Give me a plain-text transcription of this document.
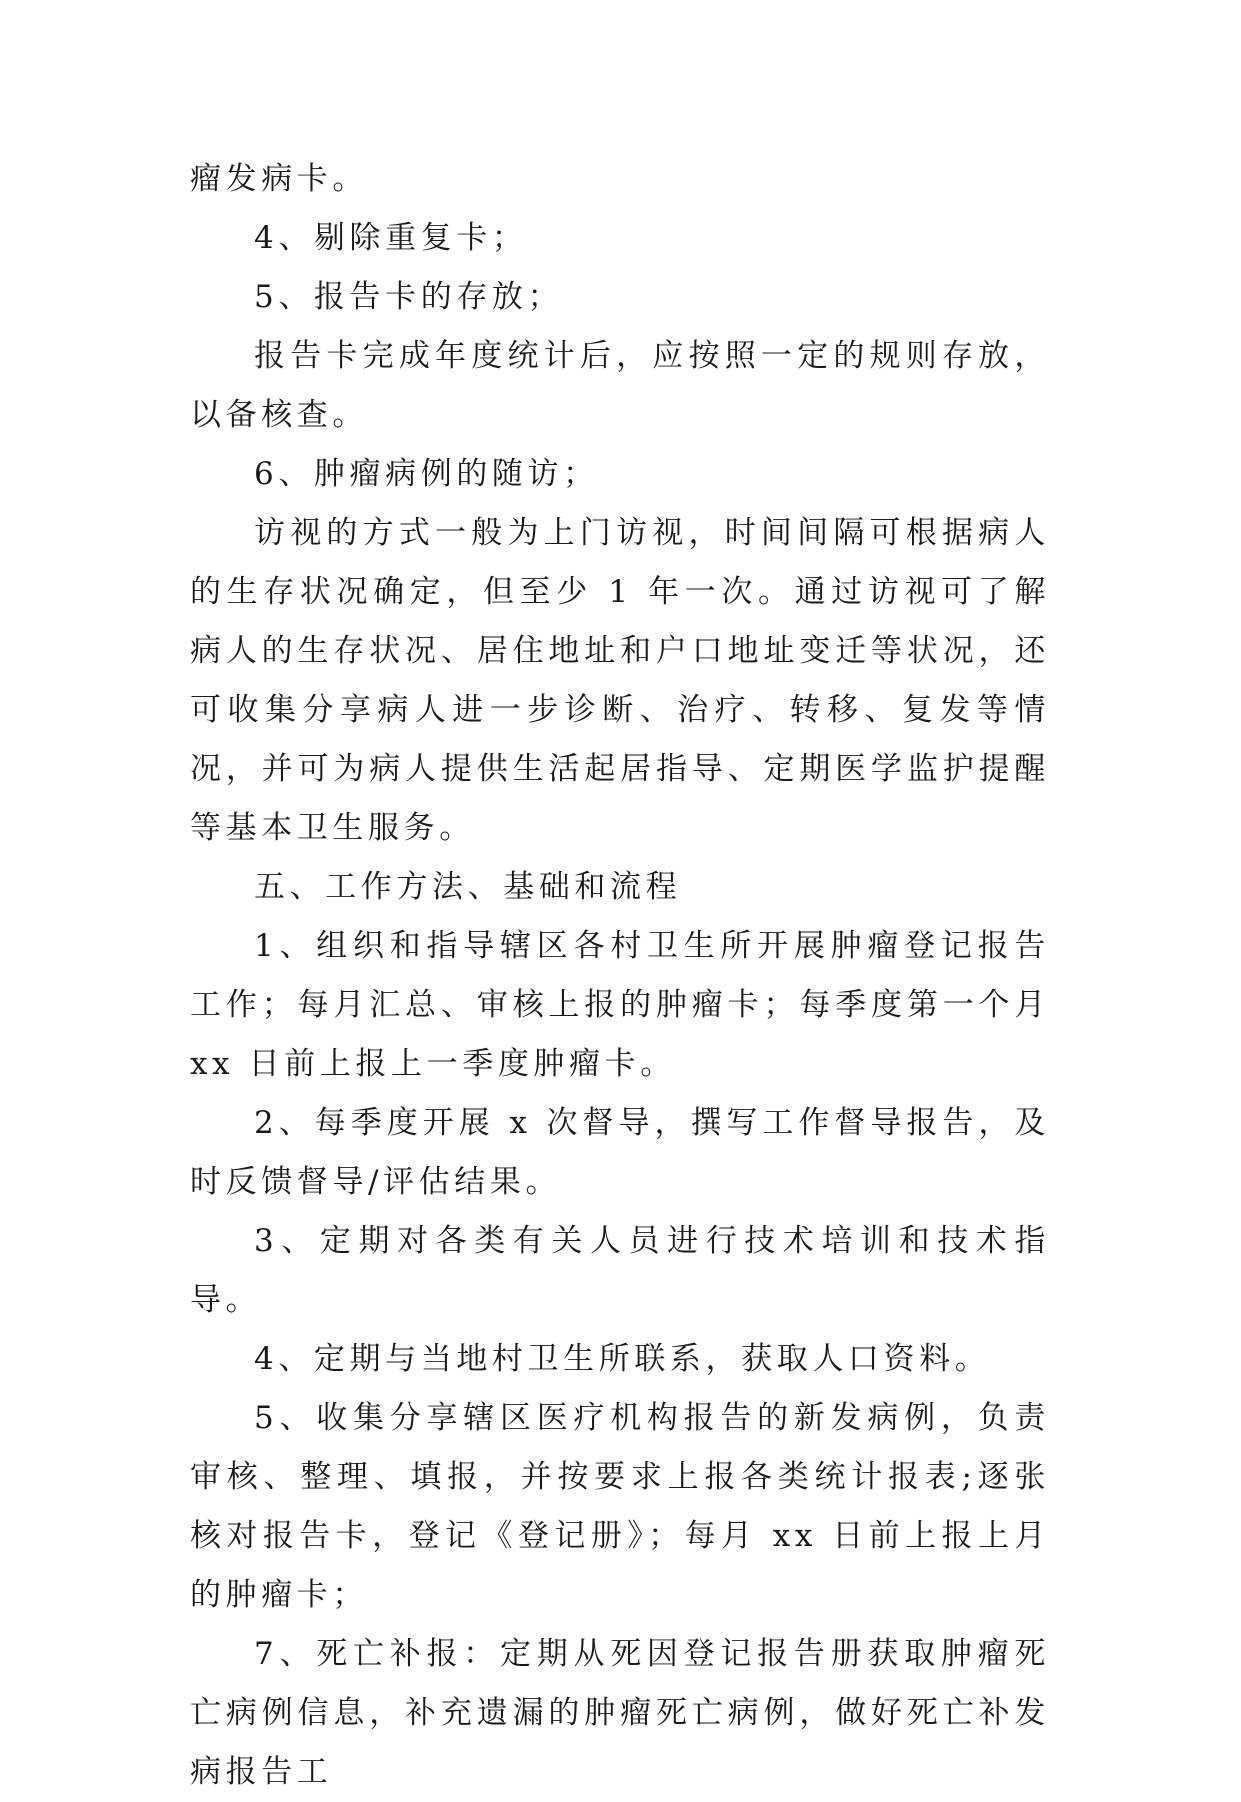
瘤发病卡。

4、剔除重复卡；

5、报告卡的存放；

报告卡完成年度统计后，应按照一定的规则存放，以备核查。

6、肿瘤病例的随访；

访视的方式一般为上门访视，时间间隔可根据病人的生存状况确定，但至少 1 年一次。通过访视可了解病人的生存状况、居住地址和户口地址变迁等状况，还可收集分享病人进一步诊断、治疗、转移、复发等情况，并可为病人提供生活起居指导、定期医学监护提醒等基本卫生服务。

五、工作方法、基础和流程

1、组织和指导辖区各村卫生所开展肿瘤登记报告工作；每月汇总、审核上报的肿瘤卡；每季度第一个月 xx 日前上报上一季度肿瘤卡。

2、每季度开展 x 次督导，撰写工作督导报告，及时反馈督导/评估结果。

3、定期对各类有关人员进行技术培训和技术指导。

4、定期与当地村卫生所联系，获取人口资料。

5、收集分享辖区医疗机构报告的新发病例，负责审核、整理、填报，并按要求上报各类统计报表;逐张核对报告卡，登记《登记册》；每月 xx 日前上报上月的肿瘤卡；

7、死亡补报：定期从死因登记报告册获取肿瘤死亡病例信息，补充遗漏的肿瘤死亡病例，做好死亡补发病报告工
